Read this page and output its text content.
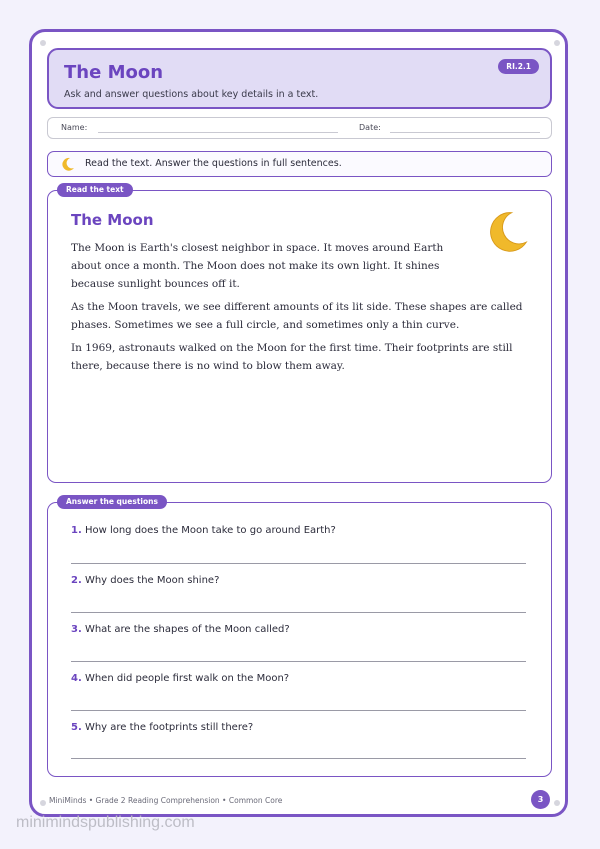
The Moon
Ask and answer questions about key details in a text.
RI.2.1
Name:	Date:
Read the text. Answer the questions in full sentences.
Read the text
The Moon

The Moon is Earth's closest neighbor in space. It moves around Earth about once a month. The Moon does not make its own light. It shines because sunlight bounces off it.

As the Moon travels, we see different amounts of its lit side. These shapes are called phases. Sometimes we see a full circle, and sometimes only a thin curve.

In 1969, astronauts walked on the Moon for the first time. Their footprints are still there, because there is no wind to blow them away.

Answer the questions
1. How long does the Moon take to go around Earth?
2. Why does the Moon shine?
3. What are the shapes of the Moon called?
4. When did people first walk on the Moon?
5. Why are the footprints still there?
MiniMinds • Grade 2 Reading Comprehension • Common Core	3
minimindspublishing.com
